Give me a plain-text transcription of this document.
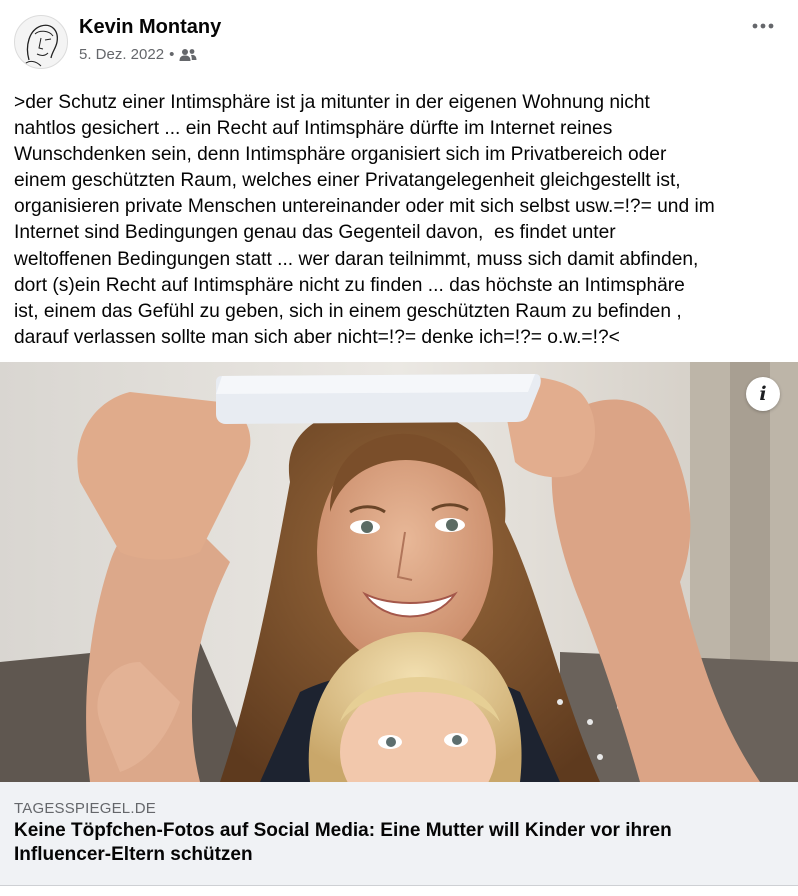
Kevin Montany
5. Dez. 2022 •
>der Schutz einer Intimsphäre ist ja mitunter in der eigenen Wohnung nicht
nahtlos gesichert ... ein Recht auf Intimsphäre dürfte im Internet reines
Wunschdenken sein, denn Intimsphäre organisiert sich im Privatbereich oder
einem geschützten Raum, welches einer Privatangelegenheit gleichgestellt ist,
organisieren private Menschen untereinander oder mit sich selbst usw.=!?= und im
Internet sind Bedingungen genau das Gegenteil davon,  es findet unter
weltoffenen Bedingungen statt ... wer daran teilnimmt, muss sich damit abfinden,
dort (s)ein Recht auf Intimsphäre nicht zu finden ... das höchste an Intimsphäre
ist, einem das Gefühl zu geben, sich in einem geschützten Raum zu befinden ,
darauf verlassen sollte man sich aber nicht=!?= denke ich=!?= o.w.=!?<
i
TAGESSPIEGEL.DE
Keine Töpfchen-Fotos auf Social Media: Eine Mutter will Kinder vor ihren Influencer-Eltern schützen
